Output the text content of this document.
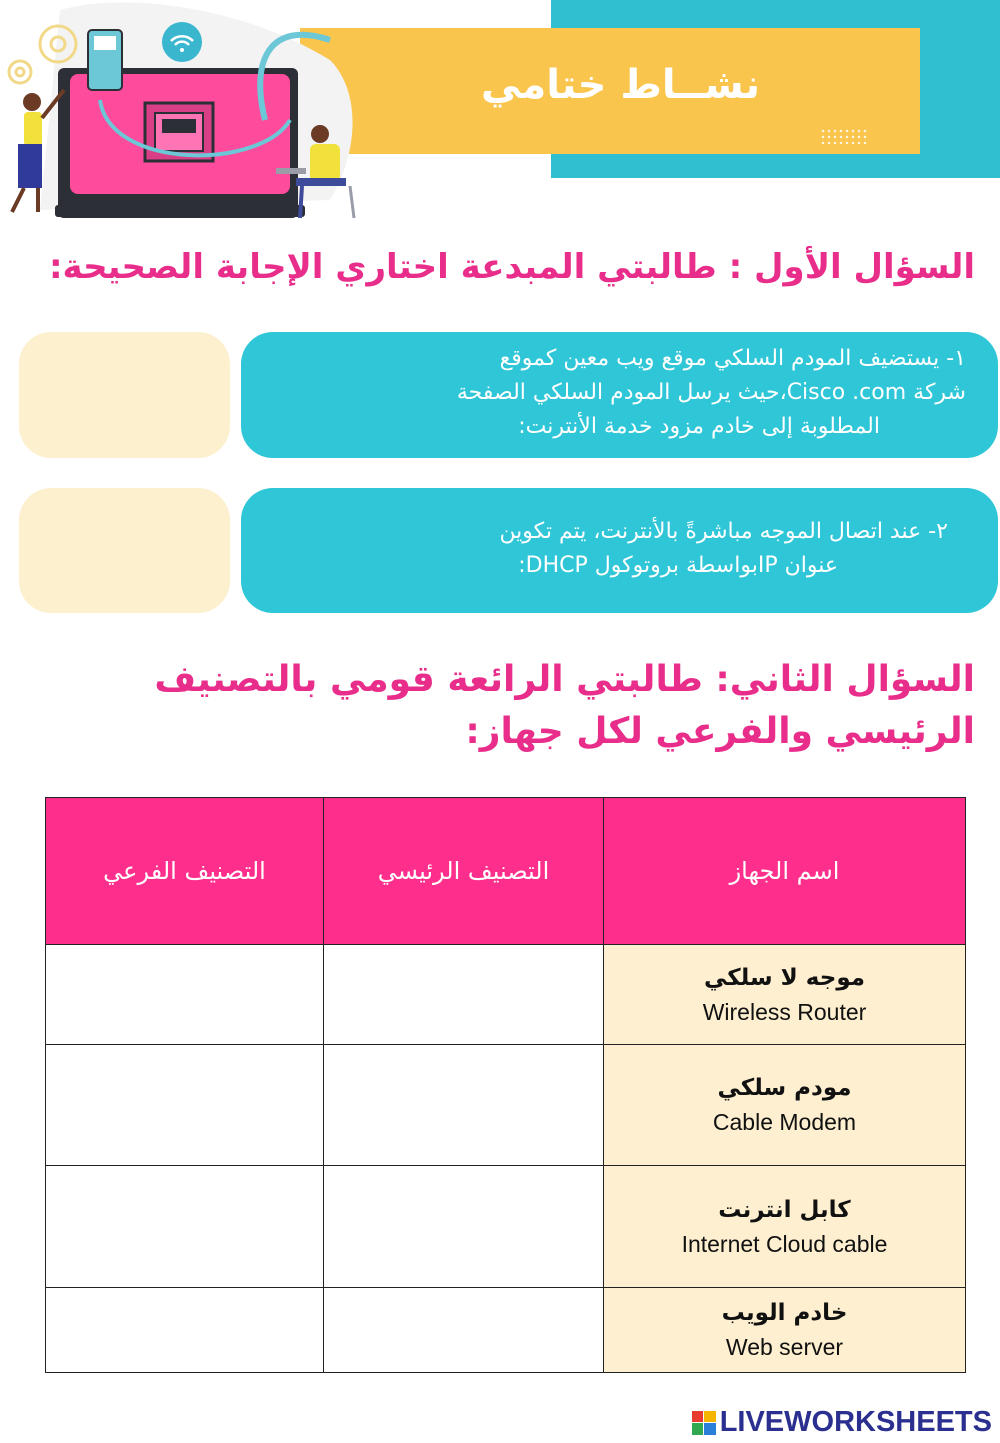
نشــاط ختامي
السؤال الأول : طالبتي المبدعة اختاري الإجابة الصحيحة:
١- يستضيف المودم السلكي موقع ويب معين كموقع
شركة Cisco .com،حيث يرسل المودم السلكي الصفحة
المطلوبة إلى خادم مزود خدمة الأنترنت:
٢- عند اتصال الموجه مباشرةً بالأنترنت، يتم تكوين
عنوان IPبواسطة بروتوكول DHCP:
السؤال الثاني: طالبتي الرائعة قومي بالتصنيف الرئيسي والفرعي لكل جهاز:
اسم الجهاز	التصنيف الرئيسي	التصنيف الفرعي

موجه لا سلكي
Wireless Router		

مودم سلكي
Cable Modem		

كابل انترنت
Internet Cloud cable		

خادم الويب
Web server		

LIVEWORKSHEETS
